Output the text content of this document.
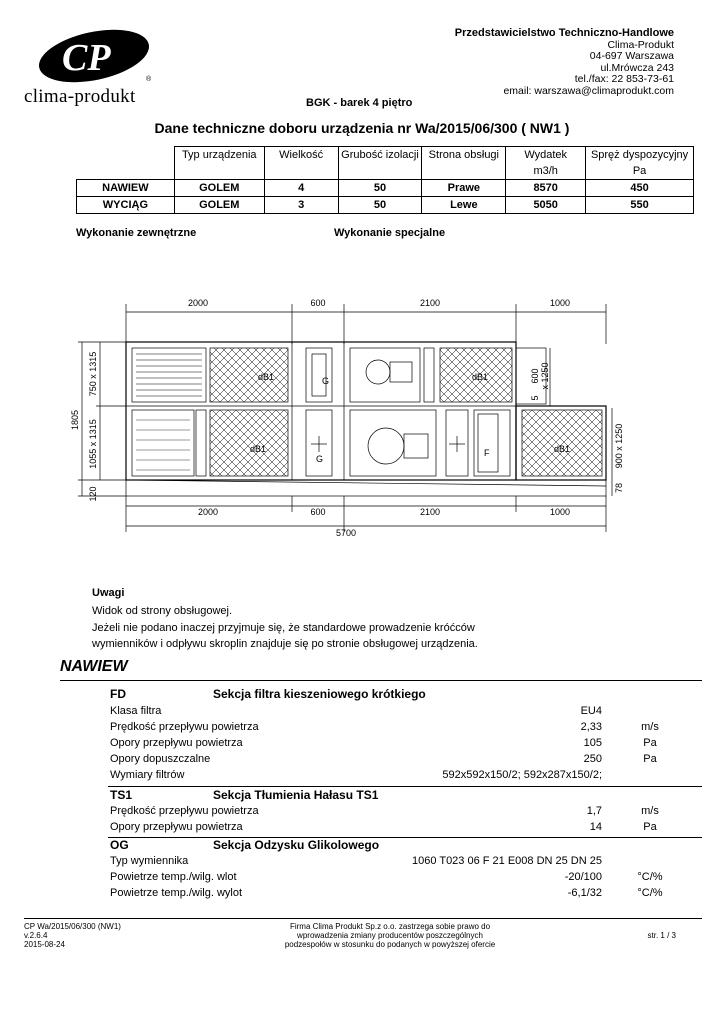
CP
®
clima-produkt
Przedstawicielstwo Techniczno-Handlowe
Clima-Produkt
04-697 Warszawa
ul.Mrówcza 243
tel./fax: 22 853-73-61
email: warszawa@climaprodukt.com
BGK - barek 4 piętro
Dane techniczne doboru urządzenia nr Wa/2015/06/300 ( NW1 )
	Typ urządzenia	Wielkość	Grubość izolacji	Strona obsługi	Wydatek	Spręż dyspozycyjny
					m3/h	Pa
NAWIEW	GOLEM	4	50	Prawe	8570	450
WYCIĄG	GOLEM	3	50	Lewe	5050	550
Wykonanie zewnętrzne	Wykonanie specjalne
2000	600	2100	1000
2000	600	2100	1000
5700
1805
750 x 1315
1055 x 1315
120
600 x 1250
5
900 x 1250
78
dB1	dB1
dB1	dB1
G
G
F
Uwagi
Widok od strony obsługowej.
Jeżeli nie podano inaczej przyjmuje się, że standardowe prowadzenie króćców
wymienników i odpływu skroplin znajduje się po stronie obsługowej urządzenia.
NAWIEW
FD	Sekcja filtra kieszeniowego krótkiego
Klasa filtra	EU4
Prędkość przepływu powietrza	2,33	m/s
Opory przepływu powietrza	105	Pa
Opory dopuszczalne	250	Pa
Wymiary filtrów	592x592x150/2; 592x287x150/2;
TS1	Sekcja Tłumienia Hałasu TS1
Prędkość przepływu powietrza	1,7	m/s
Opory przepływu powietrza	14	Pa
OG	Sekcja Odzysku Glikolowego
Typ wymiennika	1060 T023 06 F 21 E008 DN 25 DN 25
Powietrze temp./wilg. wlot	-20/100	°C/%
Powietrze temp./wilg. wylot	-6,1/32	°C/%
CP Wa/2015/06/300 (NW1)
v.2.6.4
2015-08-24
Firma Clima Produkt Sp.z o.o. zastrzega sobie prawo do
wprowadzenia zmiany producentów poszczególnych
podzespołów w stosunku do podanych w powyższej ofercie
str. 1 / 3
